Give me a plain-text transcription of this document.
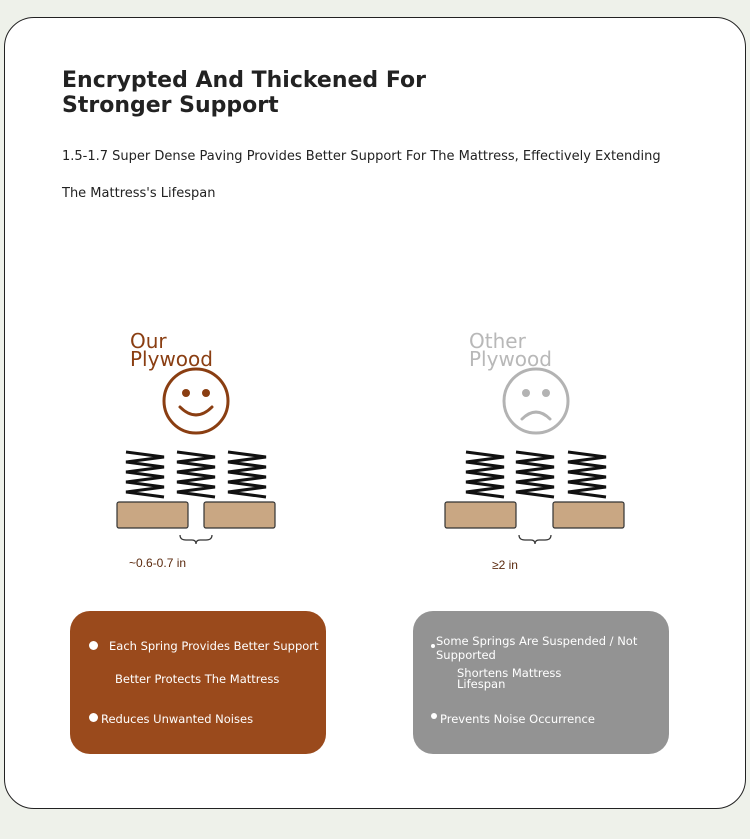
Encrypted And Thickened For Stronger Support
1.5-1.7 Super Dense Paving Provides Better Support For The Mattress, Effectively Extending The Mattress's Lifespan
Our Plywood
~0.6-0.7 in
Other Plywood
≥2 in
Each Spring Provides Better Support
Better Protects The Mattress
Reduces Unwanted Noises
Some Springs Are Suspended / Not Supported
Shortens Mattress Lifespan
Prevents Noise Occurrence
